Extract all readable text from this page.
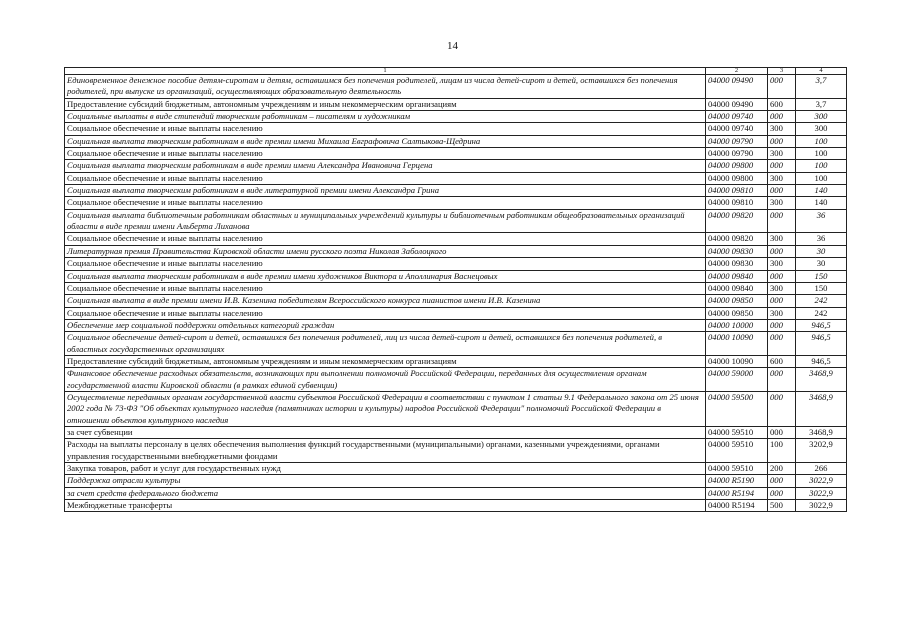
14
1	2	3	4
Единовременное денежное пособие детям-сиротам и детям, оставшимся без попечения родителей, лицам из числа детей-сирот и детей, оставшихся без попечения родителей, при выпуске из организаций, осуществляющих образовательную деятельность	04000 09490	000	3,7
Предоставление субсидий бюджетным, автономным учреждениям и иным некоммерческим организациям	04000 09490	600	3,7
Социальные выплаты в виде стипендий творческим работникам – писателям и художникам	04000 09740	000	300
Социальное обеспечение и иные выплаты населению	04000 09740	300	300
Социальная выплата творческим работникам в виде премии имени Михаила Евграфовича Салтыкова-Щедрина	04000 09790	000	100
Социальное обеспечение и иные выплаты населению	04000 09790	300	100
Социальная выплата творческим работникам в виде премии имени Александра Ивановича Герцена	04000 09800	000	100
Социальное обеспечение и иные выплаты населению	04000 09800	300	100
Социальная выплата творческим работникам в виде литературной премии имени Александра Грина	04000 09810	000	140
Социальное обеспечение и иные выплаты населению	04000 09810	300	140
Социальная выплата библиотечным работникам областных и муниципальных учреждений культуры и библиотечным работникам общеобразовательных организаций области в виде премии имени Альберта Лиханова	04000 09820	000	36
Социальное обеспечение и иные выплаты населению	04000 09820	300	36
Литературная премия Правительства Кировской области имени русского поэта Николая Заболоцкого	04000 09830	000	30
Социальное обеспечение и иные выплаты населению	04000 09830	300	30
Социальная выплата творческим работникам в виде премии имени художников Виктора и Аполлинария Васнецовых	04000 09840	000	150
Социальное обеспечение и иные выплаты населению	04000 09840	300	150
Социальная выплата в виде премии имени И.В. Казенина победителям Всероссийского конкурса пианистов имени И.В. Казенина	04000 09850	000	242
Социальное обеспечение и иные выплаты населению	04000 09850	300	242
Обеспечение мер социальной поддержки отдельных категорий граждан	04000 10000	000	946,5
Социальное обеспечение детей-сирот и детей, оставшихся без попечения родителей, лиц из числа детей-сирот и детей, оставшихся без попечения родителей, в областных государственных организациях	04000 10090	000	946,5
Предоставление субсидий бюджетным, автономным учреждениям и иным некоммерческим организациям	04000 10090	600	946,5
Финансовое обеспечение расходных обязательств, возникающих при выполнении полномочий Российской Федерации, переданных для осуществления органам государственной власти Кировской области (в рамках единой субвенции)	04000 59000	000	3468,9
Осуществление переданных органам государственной власти субъектов Российской Федерации в соответствии с пунктом 1 статьи 9.1 Федерального закона от 25 июня 2002 года № 73-ФЗ "Об объектах культурного наследия (памятниках истории и культуры) народов Российской Федерации" полномочий Российской Федерации в отношении объектов культурного наследия	04000 59500	000	3468,9
за счет субвенции	04000 59510	000	3468,9
Расходы на выплаты персоналу в целях обеспечения выполнения функций государственными (муниципальными) органами, казенными учреждениями, органами управления государственными внебюджетными фондами	04000 59510	100	3202,9
Закупка товаров, работ и услуг для государственных нужд	04000 59510	200	266
Поддержка отрасли культуры	04000 R5190	000	3022,9
за счет средств федерального бюджета	04000 R5194	000	3022,9
Межбюджетные трансферты	04000 R5194	500	3022,9
